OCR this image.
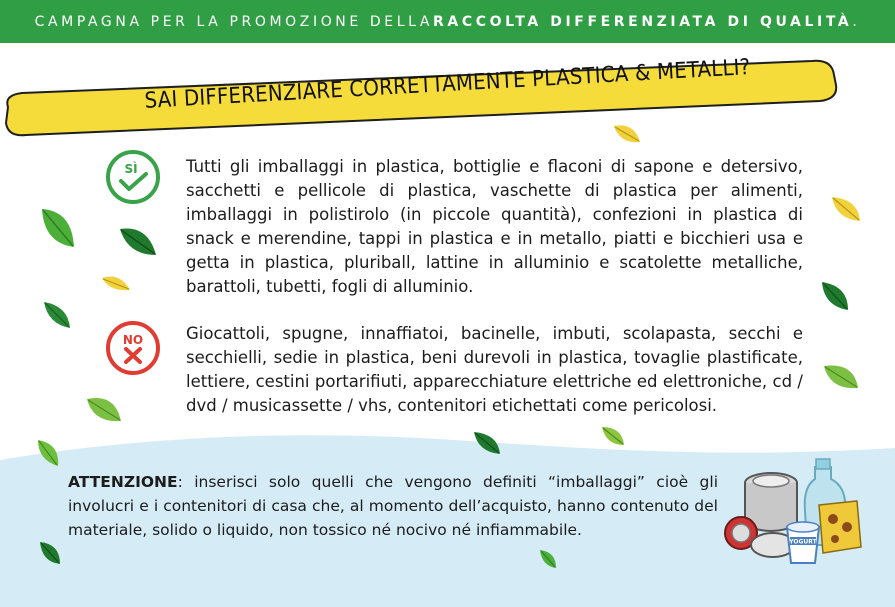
CAMPAGNA PER LA PROMOZIONE DELLA RACCOLTA DIFFERENZIATA DI QUALITÀ .
SAI DIFFERENZIARE CORRETTAMENTE PLASTICA & METALLI?
SÌ
NO
Tutti gli imballaggi in plastica, bottiglie e flaconi di sapone e detersivo, sacchetti e pellicole di plastica, vaschette di plastica per alimenti, imballaggi in polistirolo (in piccole quantità), confezioni in plastica di snack e merendine, tappi in plastica e in metallo, piatti e bicchieri usa e getta in plastica, pluriball, lattine in alluminio e scatolette metalliche, barattoli, tubetti, fogli di alluminio.
Giocattoli, spugne, innaffiatoi, bacinelle, imbuti, scolapasta, secchi e secchielli, sedie in plastica, beni durevoli in plastica, tovaglie plastificate, lettiere, cestini portarifiuti, apparecchiature elettriche ed elettroniche, cd / dvd / musicassette / vhs, contenitori etichettati come pericolosi.
ATTENZIONE: inserisci solo quelli che vengono definiti “imballaggi” cioè gli involucri e i contenitori di casa che, al momento dell’acquisto, hanno contenuto del materiale, solido o liquido, non tossico né nocivo né infiammabile.
YOGURT
